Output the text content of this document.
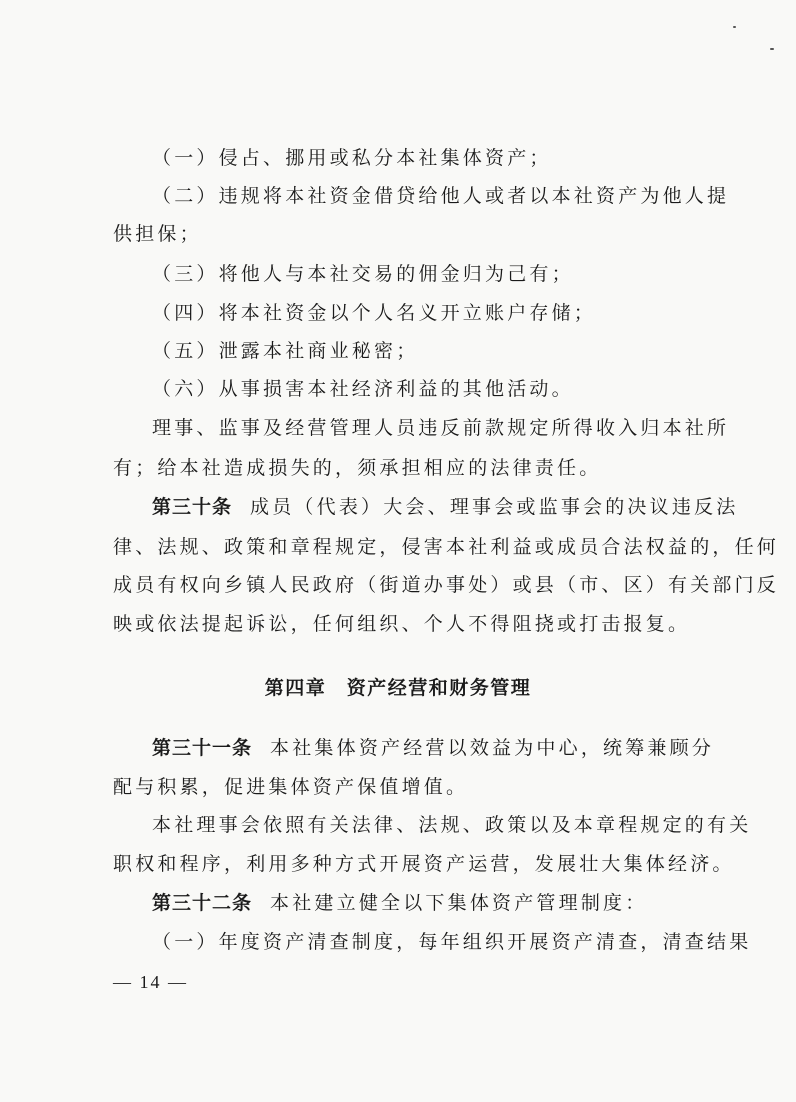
（一）侵占、挪用或私分本社集体资产；
（二）违规将本社资金借贷给他人或者以本社资产为他人提
供担保；
（三）将他人与本社交易的佣金归为己有；
（四）将本社资金以个人名义开立账户存储；
（五）泄露本社商业秘密；
（六）从事损害本社经济利益的其他活动。
理事、监事及经营管理人员违反前款规定所得收入归本社所
有；给本社造成损失的，须承担相应的法律责任。
第三十条 成员（代表）大会、理事会或监事会的决议违反法
律、法规、政策和章程规定，侵害本社利益或成员合法权益的，任何
成员有权向乡镇人民政府（街道办事处）或县（市、区）有关部门反
映或依法提起诉讼，任何组织、个人不得阻挠或打击报复。
第四章　资产经营和财务管理
第三十一条 本社集体资产经营以效益为中心，统筹兼顾分
配与积累，促进集体资产保值增值。
本社理事会依照有关法律、法规、政策以及本章程规定的有关
职权和程序，利用多种方式开展资产运营，发展壮大集体经济。
第三十二条 本社建立健全以下集体资产管理制度：
（一）年度资产清查制度，每年组织开展资产清查，清查结果
— 14 —
